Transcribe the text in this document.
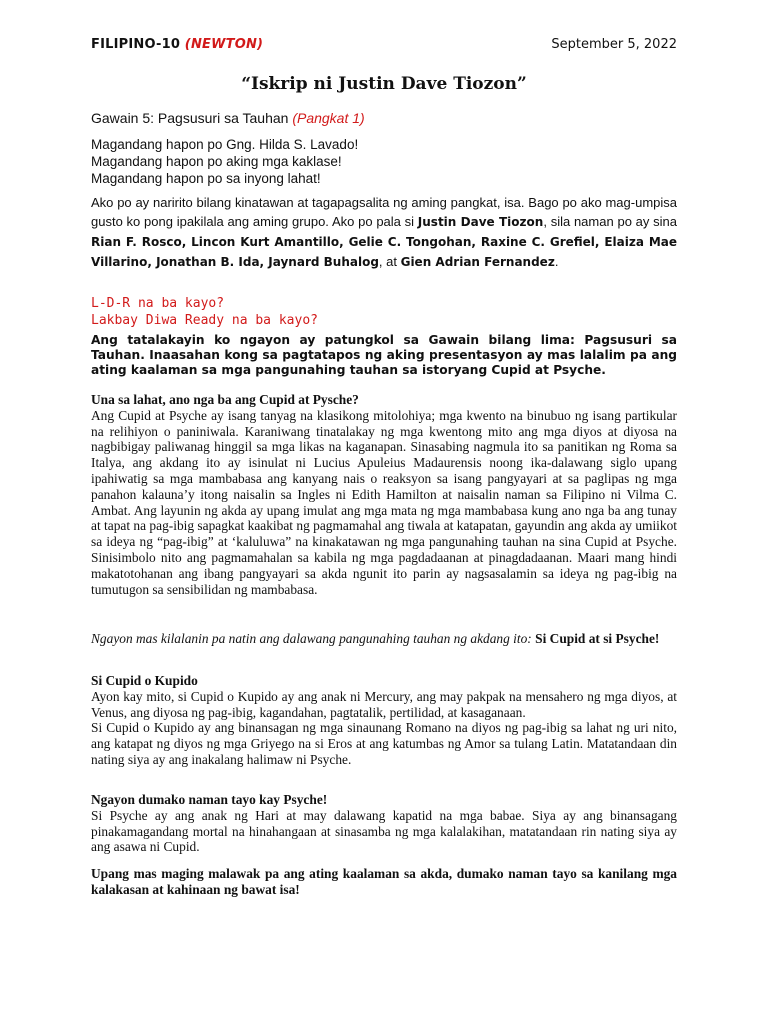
FILIPINO-10 (NEWTON)	September 5, 2022
“Iskrip ni Justin Dave Tiozon”
Gawain 5: Pagsusuri sa Tauhan (Pangkat 1)
Magandang hapon po Gng. Hilda S. Lavado!
Magandang hapon po aking mga kaklase!
Magandang hapon po sa inyong lahat!
Ako po ay naririto bilang kinatawan at tagapagsalita ng aming pangkat, isa. Bago po ako mag-umpisa gusto ko pong ipakilala ang aming grupo. Ako po pala si Justin Dave Tiozon, sila naman po ay sina Rian F. Rosco, Lincon Kurt Amantillo, Gelie C. Tongohan, Raxine C. Grefiel, Elaiza Mae Villarino, Jonathan B. Ida, Jaynard Buhalog, at Gien Adrian Fernandez.
L-D-R na ba kayo?
Lakbay Diwa Ready na ba kayo?
Ang tatalakayin ko ngayon ay patungkol sa Gawain bilang lima: Pagsusuri sa Tauhan. Inaasahan kong sa pagtatapos ng aking presentasyon ay mas lalalim pa ang ating kaalaman sa mga pangunahing tauhan sa istoryang Cupid at Psyche.
Una sa lahat, ano nga ba ang Cupid at Pysche?

Ang Cupid at Psyche ay isang tanyag na klasikong mitolohiya; mga kwento na binubuo ng isang partikular na relihiyon o paniniwala. Karaniwang tinatalakay ng mga kwentong mito ang mga diyos at diyosa na nagbibigay paliwanag hinggil sa mga likas na kaganapan. Sinasabing nagmula ito sa panitikan ng Roma sa Italya, ang akdang ito ay isinulat ni Lucius Apuleius Madaurensis noong ika-dalawang siglo upang ipahiwatig sa mga mambabasa ang kanyang nais o reaksyon sa isang pangyayari at sa paglipas ng mga panahon kalauna’y itong naisalin sa Ingles ni Edith Hamilton at naisalin naman sa Filipino ni Vilma C. Ambat. Ang layunin ng akda ay upang imulat ang mga mata ng mga mambabasa kung ano nga ba ang tunay at tapat na pag-ibig sapagkat kaakibat ng pagmamahal ang tiwala at katapatan, gayundin ang akda ay umiikot sa ideya ng “pag-ibig” at ‘kaluluwa” na kinakatawan ng mga pangunahing tauhan na sina Cupid at Psyche. Sinisimbolo nito ang pagmamahalan sa kabila ng mga pagdadaanan at pinagdadaanan. Maari mang hindi makatotohanan ang ibang pangyayari sa akda ngunit ito parin ay nagsasalamin sa ideya ng pag-ibig na tumutugon sa sensibilidan ng mambabasa.

Ngayon mas kilalanin pa natin ang dalawang pangunahing tauhan ng akdang ito: Si Cupid at si Psyche!
Si Cupid o Kupido

Ayon kay mito, si Cupid o Kupido ay ang anak ni Mercury, ang may pakpak na mensahero ng mga diyos, at Venus, ang diyosa ng pag-ibig, kagandahan, pagtatalik, pertilidad, at kasaganaan.

Si Cupid o Kupido ay ang binansagan ng mga sinaunang Romano na diyos ng pag-ibig sa lahat ng uri nito, ang katapat ng diyos ng mga Griyego na si Eros at ang katumbas ng Amor sa tulang Latin. Matatandaan din nating siya ay ang inakalang halimaw ni Psyche.

Ngayon dumako naman tayo kay Psyche!

Si Psyche ay ang anak ng Hari at may dalawang kapatid na mga babae. Siya ay ang binansagang pinakamagandang mortal na hinahangaan at sinasamba ng mga kalalakihan, matatandaan rin nating siya ay ang asawa ni Cupid.

Upang mas maging malawak pa ang ating kaalaman sa akda, dumako naman tayo sa kanilang mga kalakasan at kahinaan ng bawat isa!
